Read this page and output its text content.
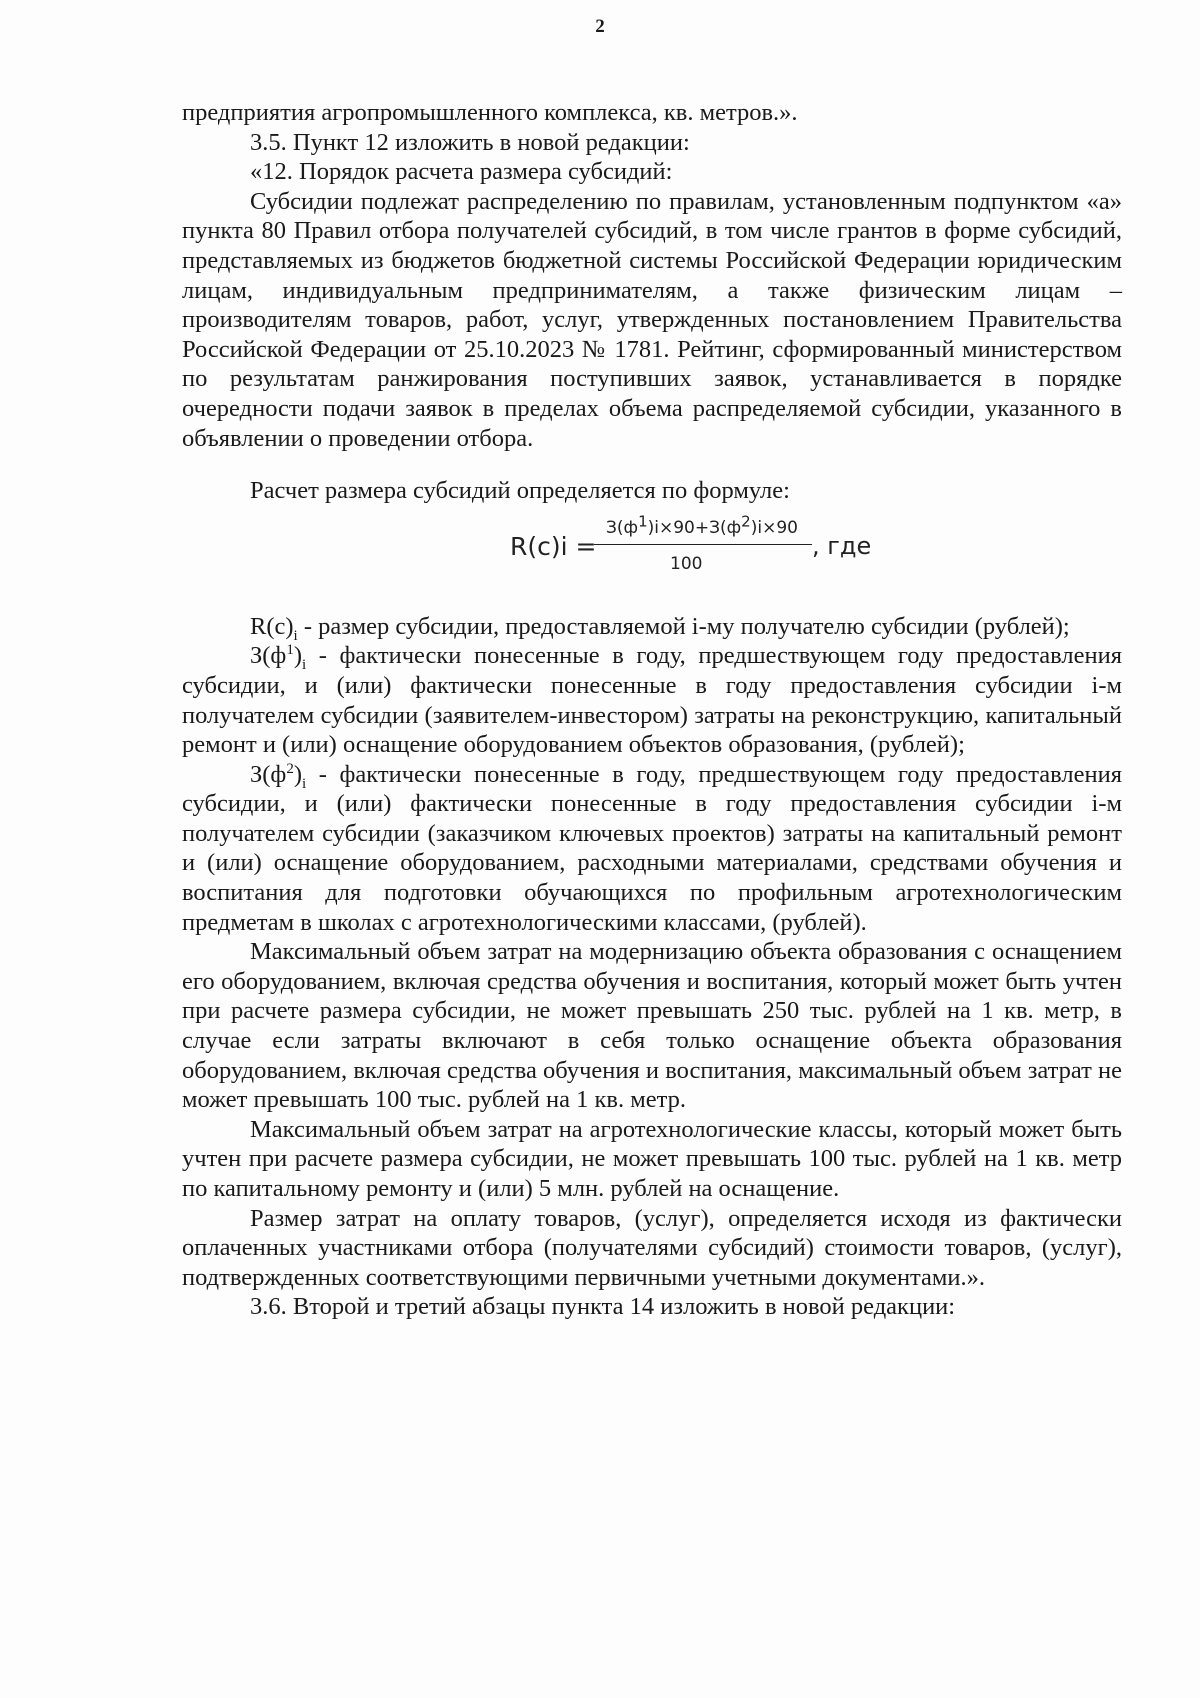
2

предприятия агропромышленного комплекса, кв. метров.».

3.5. Пункт 12 изложить в новой редакции:

«12. Порядок расчета размера субсидий:

Субсидии подлежат распределению по правилам, установленным подпунктом «а» пункта 80 Правил отбора получателей субсидий, в том числе грантов в форме субсидий, представляемых из бюджетов бюджетной системы Российской Федерации юридическим лицам, индивидуальным предпринимателям, а также физическим лицам – производителям товаров, работ, услуг, утвержденных постановлением Правительства Российской Федерации от 25.10.2023 № 1781. Рейтинг, сформированный министерством по результатам ранжирования поступивших заявок, устанавливается в порядке очередности подачи заявок в пределах объема распределяемой субсидии, указанного в объявлении о проведении отбора.

Расчет размера субсидий определяется по формуле:

R(c)i =
$З(ф^1)i\times 90+З(ф^2)i\times 90$
100
, где

$R(c)_i$ - размер субсидии, предоставляемой i-му получателю субсидии (рублей);

$З(ф^1)_i$ - фактически понесенные в году, предшествующем году предоставления субсидии, и (или) фактически понесенные в году предоставления субсидии i-м получателем субсидии (заявителем-инвестором) затраты на реконструкцию, капитальный ремонт и (или) оснащение оборудованием объектов образования, (рублей);

$З(ф^2)_i$ - фактически понесенные в году, предшествующем году предоставления субсидии, и (или) фактически понесенные в году предоставления субсидии i-м получателем субсидии (заказчиком ключевых проектов) затраты на капитальный ремонт и (или) оснащение оборудованием, расходными материалами, средствами обучения и воспитания для подготовки обучающихся по профильным агротехнологическим предметам в школах с агротехнологическими классами, (рублей).

Максимальный объем затрат на модернизацию объекта образования с оснащением его оборудованием, включая средства обучения и воспитания, который может быть учтен при расчете размера субсидии, не может превышать 250 тыс. рублей на 1 кв. метр, в случае если затраты включают в себя только оснащение объекта образования оборудованием, включая средства обучения и воспитания, максимальный объем затрат не может превышать 100 тыс. рублей на 1 кв. метр.

Максимальный объем затрат на агротехнологические классы, который может быть учтен при расчете размера субсидии, не может превышать 100 тыс. рублей на 1 кв. метр по капитальному ремонту и (или) 5 млн. рублей на оснащение.

Размер затрат на оплату товаров, (услуг), определяется исходя из фактически оплаченных участниками отбора (получателями субсидий) стоимости товаров, (услуг), подтвержденных соответствующими первичными учетными документами.».

3.6. Второй и третий абзацы пункта 14 изложить в новой редакции:
